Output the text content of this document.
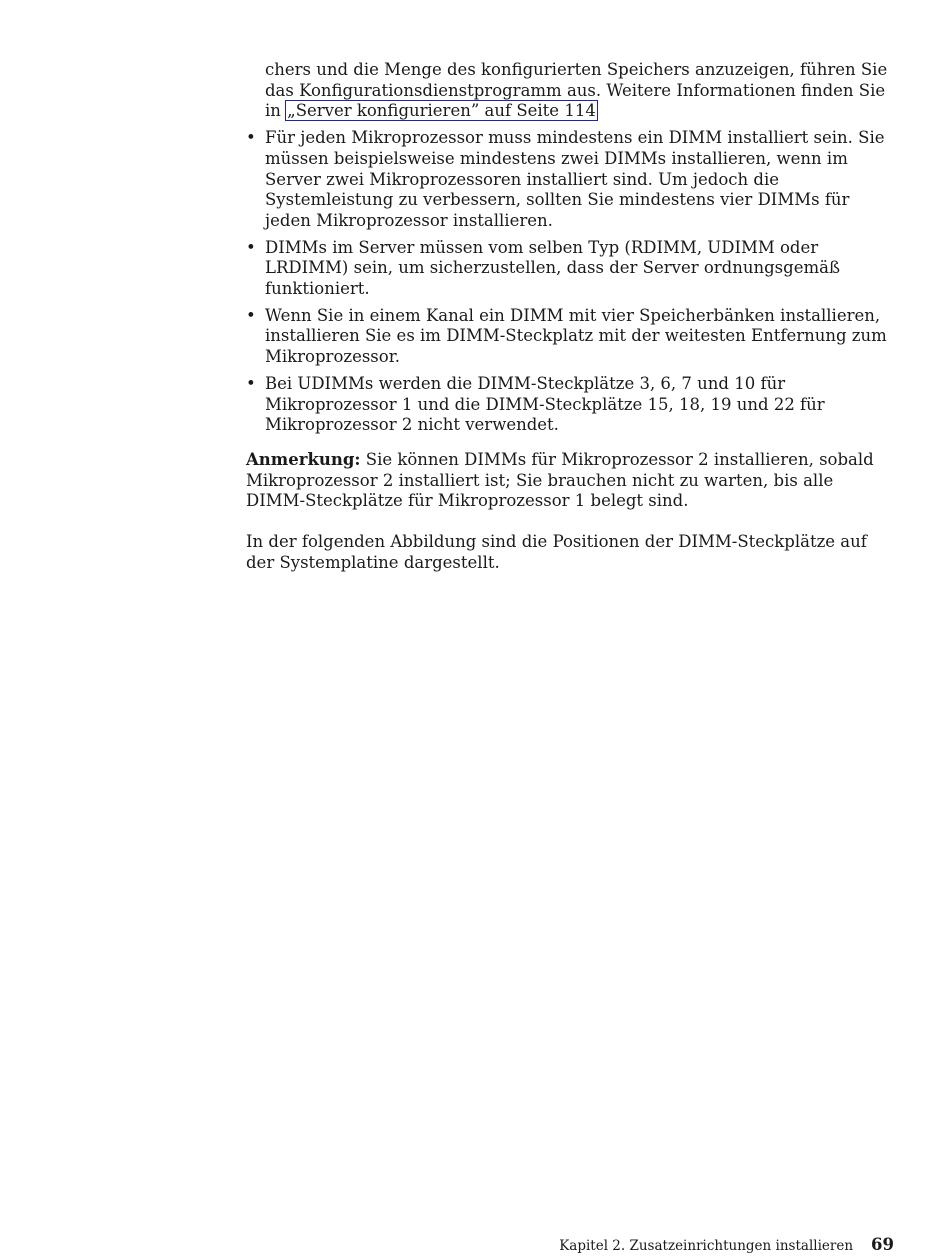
chers und die Menge des konfigurierten Speichers anzuzeigen, führen Sie das Konfigurationsdienstprogramm aus. Weitere Informationen finden Sie in „Server konfigurieren” auf Seite 114

• Für jeden Mikroprozessor muss mindestens ein DIMM installiert sein. Sie müssen beispielsweise mindestens zwei DIMMs installieren, wenn im Server zwei Mikroprozessoren installiert sind. Um jedoch die Systemleistung zu verbessern, sollten Sie mindestens vier DIMMs für jeden Mikroprozessor installieren.
• DIMMs im Server müssen vom selben Typ (RDIMM, UDIMM oder LRDIMM) sein, um sicherzustellen, dass der Server ordnungsgemäß funktioniert.
• Wenn Sie in einem Kanal ein DIMM mit vier Speicherbänken installieren, installieren Sie es im DIMM-Steckplatz mit der weitesten Entfernung zum Mikroprozessor.
• Bei UDIMMs werden die DIMM-Steckplätze 3, 6, 7 und 10 für Mikroprozessor 1 und die DIMM-Steckplätze 15, 18, 19 und 22 für Mikroprozessor 2 nicht verwendet.

Anmerkung: Sie können DIMMs für Mikroprozessor 2 installieren, sobald Mikroprozessor 2 installiert ist; Sie brauchen nicht zu warten, bis alle DIMM-Steckplätze für Mikroprozessor 1 belegt sind.

In der folgenden Abbildung sind die Positionen der DIMM-Steckplätze auf der Systemplatine dargestellt.

Kapitel 2. Zusatzeinrichtungen installieren 69
